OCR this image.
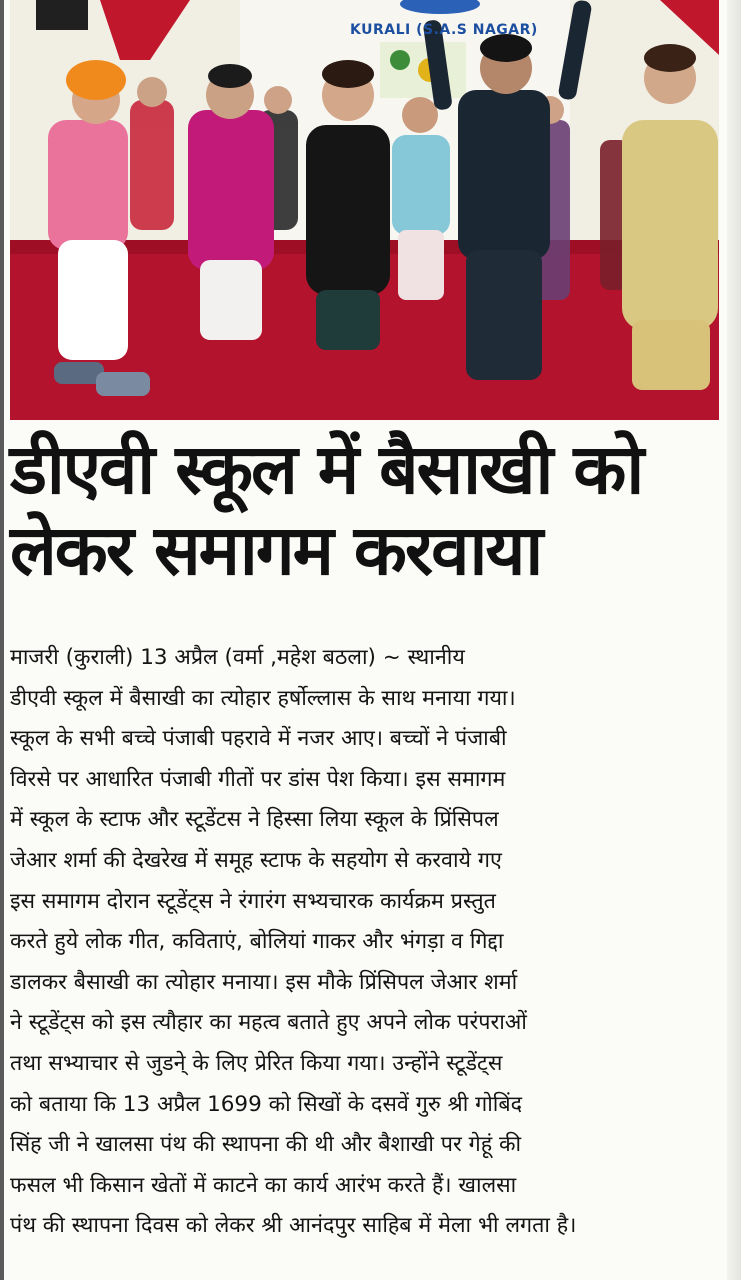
KURALI (S.A.S NAGAR)
डीएवी स्कूल में बैसाखी को
लेकर समागम करवाया
माजरी (कुराली) 13 अप्रैल (वर्मा ,महेश बठला) ~ स्थानीय
डीएवी स्कूल में बैसाखी का त्योहार हर्षोल्लास के साथ मनाया गया।
स्कूल के सभी बच्चे पंजाबी पहरावे में नजर आए। बच्चों ने पंजाबी
विरसे पर आधारित पंजाबी गीतों पर डांस पेश किया। इस समागम
में स्कूल के स्टाफ और स्टूडेंटस ने हिस्सा लिया स्कूल के प्रिंसिपल
जेआर शर्मा की देखरेख में समूह स्टाफ के सहयोग से करवाये गए
इस समागम दोरान स्टूडेंट्स ने रंगारंग सभ्यचारक कार्यक्रम प्रस्तुत
करते हुये लोक गीत, कविताएं, बोलियां गाकर और भंगड़ा व गिद्दा
डालकर बैसाखी का त्योहार मनाया। इस मौके प्रिंसिपल जेआर शर्मा
ने स्टूडेंट्स को इस त्यौहार का महत्व बताते हुए अपने लोक परंपराओं
तथा सभ्याचार से जुडने् के लिए प्रेरित किया गया। उन्होंने स्टूडेंट्स
को बताया कि 13 अप्रैल 1699 को सिखों के दसवें गुरु श्री गोबिंद
सिंह जी ने खालसा पंथ की स्थापना की थी और बैशाखी पर गेहूं की
फसल भी किसान खेतों में काटने का कार्य आरंभ करते हैं। खालसा
पंथ की स्थापना दिवस को लेकर श्री आनंदपुर साहिब में मेला भी लगता है।
